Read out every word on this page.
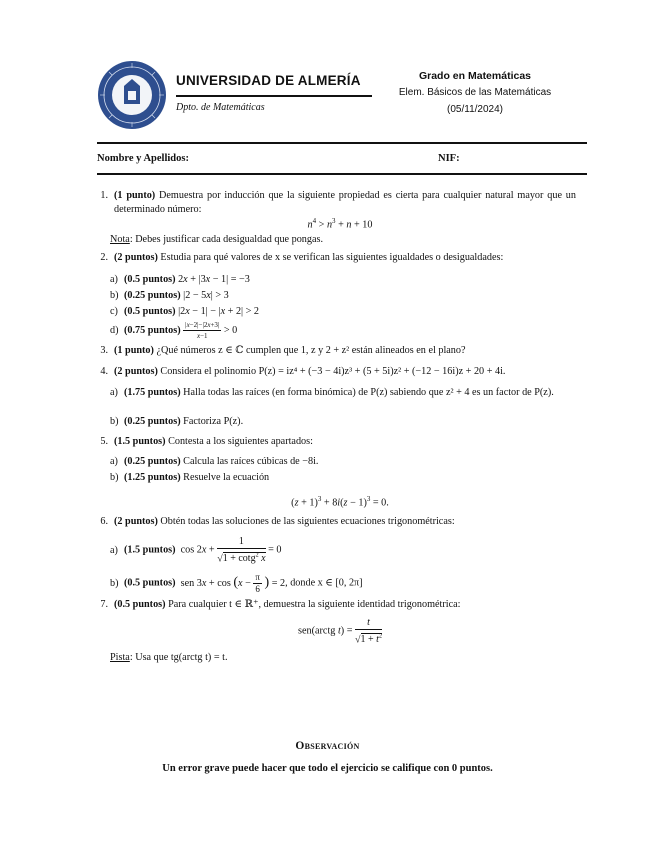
UNIVERSIDAD DE ALMERÍA
Dpto. de Matemáticas
Grado en Matemáticas
Elem. Básicos de las Matemáticas
(05/11/2024)
Nombre y Apellidos:	NIF:
1. (1 punto) Demuestra por inducción que la siguiente propiedad es cierta para cualquier natural mayor que un determinado número:
$n^4 > n^3 + n + 10$
Nota: Debes justificar cada desigualdad que pongas.
2. (2 puntos) Estudia para qué valores de x se verifican las siguientes igualdades o desigualdades:
a) (0.5 puntos) 2x + |3x − 1| = −3
b) (0.25 puntos) |2 − 5x| > 3
c) (0.5 puntos) |2x − 1| − |x + 2| > 2
d) (0.75 puntos) $\frac{|x-2|-|2x+3|}{x-1} > 0$
3. (1 punto) ¿Qué números z ∈ ℂ cumplen que 1, z y 2 + z² están alineados en el plano?
4. (2 puntos) Considera el polinomio P(z) = iz⁴ + (−3 − 4i)z³ + (5 + 5i)z² + (−12 − 16i)z + 20 + 4i.
a) (1.75 puntos) Halla todas las raíces (en forma binómica) de P(z) sabiendo que z² + 4 es un factor de P(z).
b) (0.25 puntos) Factoriza P(z).
5. (1.5 puntos) Contesta a los siguientes apartados:
a) (0.25 puntos) Calcula las raíces cúbicas de −8i.
b) (1.25 puntos) Resuelve la ecuación
$(z + 1)^3 + 8i(z - 1)^3 = 0$.
6. (2 puntos) Obtén todas las soluciones de las siguientes ecuaciones trigonométricas:
a) (1.5 puntos)  $\cos 2x + \frac{1}{√1 + \cot g^2 x} = 0$
b) (0.5 puntos)  sen $3x + \cos (x - \frac{\pi}{6}$ ) = 2, donde x ∈ [0, 2π]
7. (0.5 puntos) Para cualquier t ∈ ℝ⁺, demuestra la siguiente identidad trigonométrica:
sen(arctg $t) = \frac{t}{√1 + t^2}$
Pista: Usa que tg(arctg t) = t.
Observación
Un error grave puede hacer que todo el ejercicio se califique con 0 puntos.
